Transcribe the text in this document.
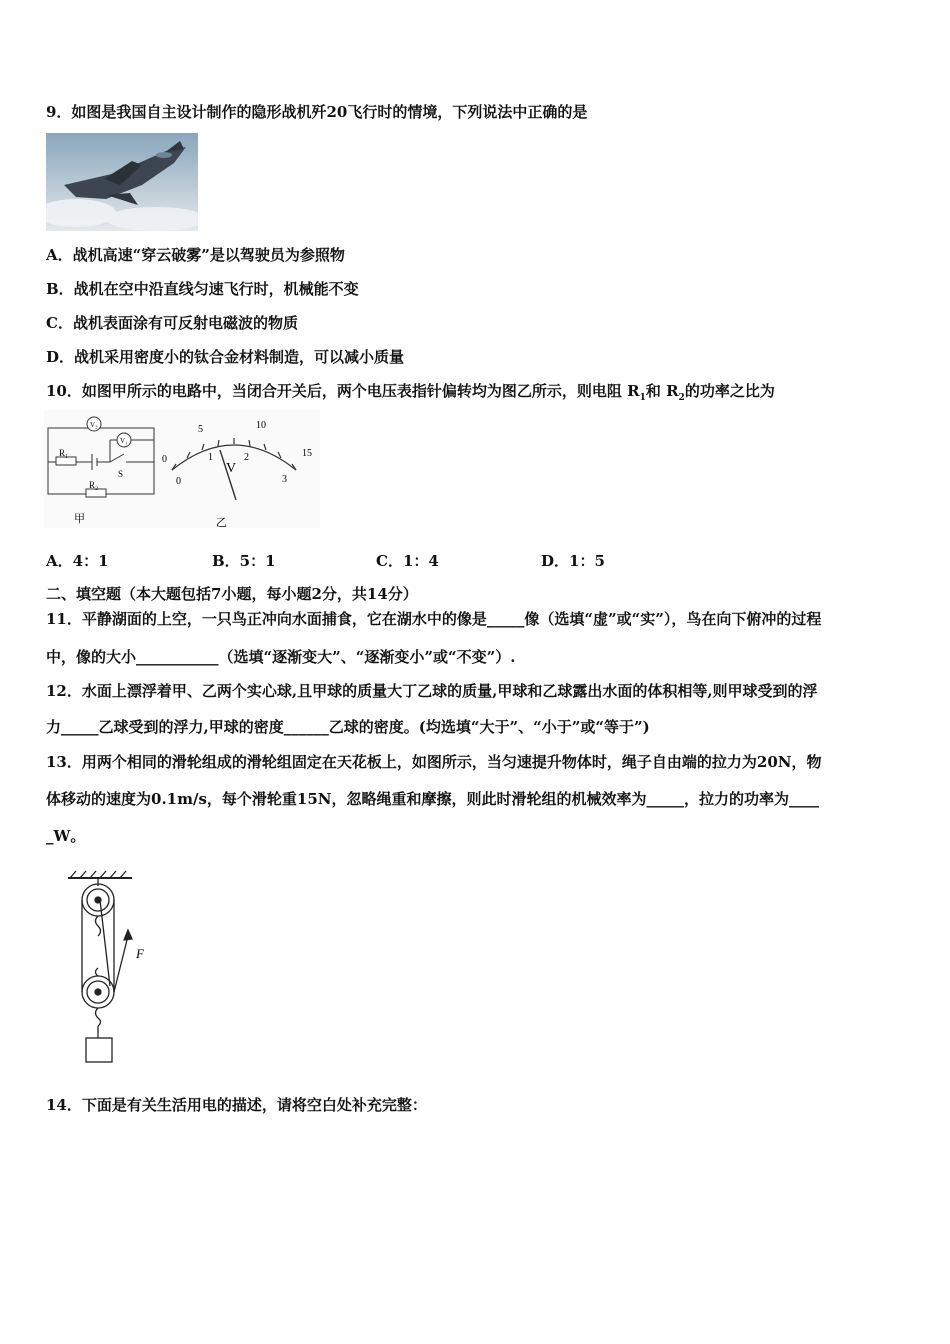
9．如图是我国自主设计制作的隐形战机歼20飞行时的情境，下列说法中正确的是
A．战机高速“穿云破雾”是以驾驶员为参照物
B．战机在空中沿直线匀速飞行时，机械能不变
C．战机表面涂有可反射电磁波的物质
D．战机采用密度小的钛合金材料制造，可以减小质量
10．如图甲所示的电路中，当闭合开关后，两个电压表指针偏转均为图乙所示，则电阻 $R_1$和 $R_2$的功率之比为
V₂
V₁
R₁
R₂
S
甲
0
5	10
15
0
1	2
3
V
乙
A．4：1	B．5：1	C．1：4	D．1：5
二、填空题（本大题包括7小题，每小题2分，共14分）
11．平静湖面的上空，一只鸟正冲向水面捕食，它在湖水中的像是_____像（选填“虚”或“实”），鸟在向下俯冲的过程
中，像的大小___________（选填“逐渐变大”、“逐渐变小”或“不变”）.
12．水面上漂浮着甲、乙两个实心球,且甲球的质量大丁乙球的质量,甲球和乙球露出水面的体积相等,则甲球受到的浮
力_____乙球受到的浮力,甲球的密度______乙球的密度。(均选填“大于”、“小于”或“等于”)
13．用两个相同的滑轮组成的滑轮组固定在天花板上，如图所示，当匀速提升物体时，绳子自由端的拉力为20N，物
体移动的速度为0.1m/s，每个滑轮重15N，忽略绳重和摩擦，则此时滑轮组的机械效率为_____，拉力的功率为____
_W。
F
14．下面是有关生活用电的描述，请将空白处补充完整：
